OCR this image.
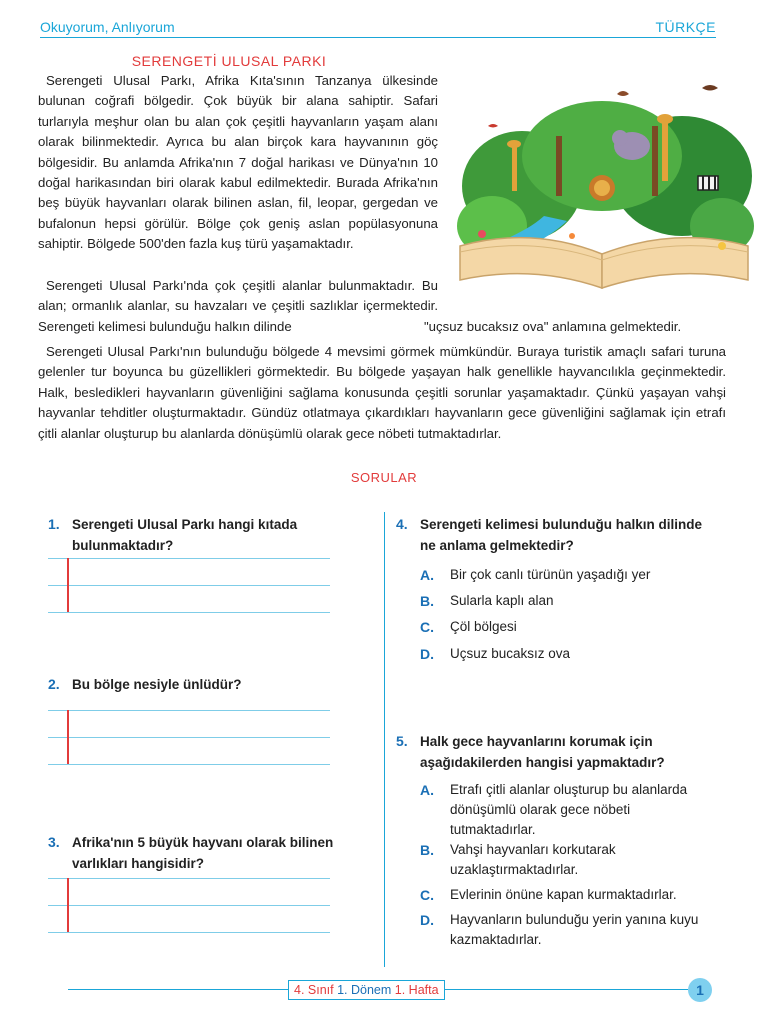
Okuyorum, Anlıyorum	TÜRKÇE
SERENGETİ ULUSAL PARKI

Serengeti Ulusal Parkı, Afrika Kıta'sının Tanzanya ülkesinde bulunan coğrafi bölgedir. Çok büyük bir alana sahiptir. Safari turlarıyla meşhur olan bu alan çok çeşitli hayvanların yaşam alanı olarak bilinmektedir. Ayrıca bu alan birçok kara hayvanının göç bölgesidir. Bu anlamda Afrika'nın 7 doğal harikası ve Dünya'nın 10 doğal harikasından biri olarak kabul edilmektedir. Burada Afrika'nın beş büyük hayvanları olarak bilinen aslan, fil, leopar, gergedan ve bufalonun hepsi görülür. Bölge çok geniş aslan popülasyonuna sahiptir. Bölgede 500'den fazla kuş türü yaşamaktadır.

Serengeti Ulusal Parkı'nda çok çeşitli alanlar bulunmaktadır. Bu alan; ormanlık alanlar, su havzaları ve çeşitli sazlıklar içermektedir. Serengeti kelimesi bulunduğu halkın dilinde	"uçsuz bucaksız ova" anlamına gelmektedir.

Serengeti Ulusal Parkı'nın bulunduğu bölgede 4 mevsimi görmek mümkündür. Buraya turistik amaçlı safari turuna gelenler tur boyunca bu güzellikleri görmektedir. Bu bölgede yaşayan halk genellikle hayvancılıkla geçinmektedir. Halk, besledikleri hayvanların güvenliğini sağlama konusunda çeşitli sorunlar yaşamaktadır. Çünkü yaşayan vahşi hayvanlar tehditler oluşturmaktadır. Gündüz otlatmaya çıkardıkları hayvanların gece güvenliğini sağlamak için etrafı çitli alanlar oluşturup bu alanlarda dönüşümlü olarak gece nöbeti tutmaktadırlar.

SORULAR
1. Serengeti Ulusal Parkı hangi kıtada bulunmaktadır?
2. Bu bölge nesiyle ünlüdür?
3. Afrika'nın 5 büyük hayvanı olarak bilinen varlıkları hangisidir?
4. Serengeti kelimesi bulunduğu halkın dilinde ne anlama gelmektedir?
A. Bir çok canlı türünün yaşadığı yer
B. Sularla kaplı alan
C. Çöl bölgesi
D. Uçsuz bucaksız ova
5. Halk gece hayvanlarını korumak için aşağıdakilerden hangisi yapmaktadır?
A. Etrafı çitli alanlar oluşturup bu alanlarda dönüşümlü olarak gece nöbeti tutmaktadırlar.
B. Vahşi hayvanları korkutarak uzaklaştırmaktadırlar.
C. Evlerinin önüne kapan kurmaktadırlar.
D. Hayvanların bulunduğu yerin yanına kuyu kazmaktadırlar.
4. Sınıf 1. Dönem 1. Hafta	1
